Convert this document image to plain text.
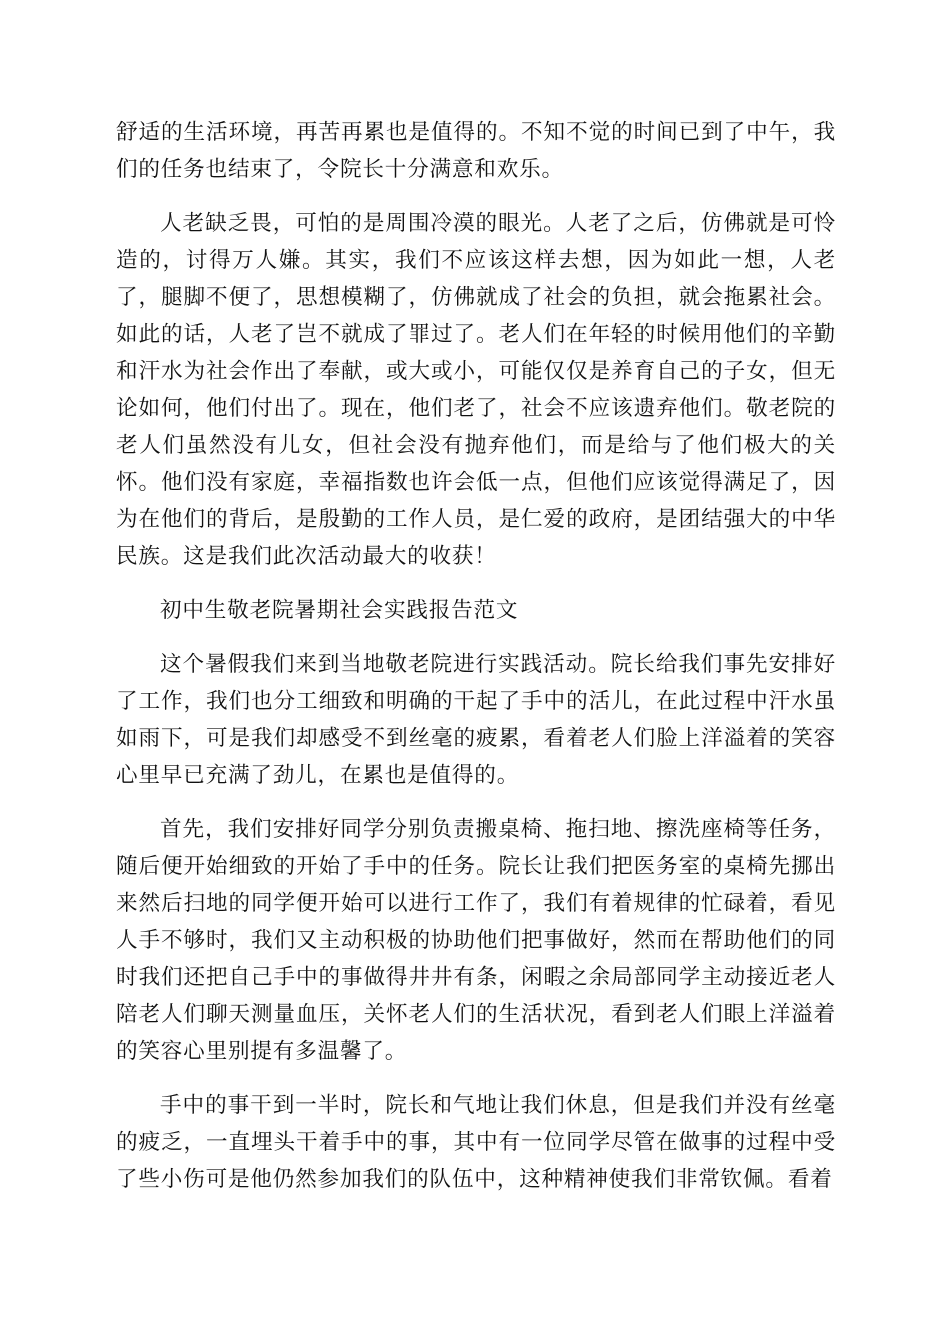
舒适的生活环境，再苦再累也是值得的。不知不觉的时间已到了中午，我们的任务也结束了，令院长十分满意和欢乐。

人老缺乏畏，可怕的是周围冷漠的眼光。人老了之后，仿佛就是可怜造的，讨得万人嫌。其实，我们不应该这样去想，因为如此一想，人老了，腿脚不便了，思想模糊了，仿佛就成了社会的负担，就会拖累社会。如此的话，人老了岂不就成了罪过了。老人们在年轻的时候用他们的辛勤和汗水为社会作出了奉献，或大或小，可能仅仅是养育自己的子女，但无论如何，他们付出了。现在，他们老了，社会不应该遗弃他们。敬老院的老人们虽然没有儿女，但社会没有抛弃他们，而是给与了他们极大的关怀。他们没有家庭，幸福指数也许会低一点，但他们应该觉得满足了，因为在他们的背后，是殷勤的工作人员，是仁爱的政府，是团结强大的中华民族。这是我们此次活动最大的收获！

初中生敬老院暑期社会实践报告范文

这个暑假我们来到当地敬老院进行实践活动。院长给我们事先安排好了工作，我们也分工细致和明确的干起了手中的活儿，在此过程中汗水虽如雨下，可是我们却感受不到丝毫的疲累，看着老人们脸上洋溢着的笑容心里早已充满了劲儿，在累也是值得的。

首先，我们安排好同学分别负责搬桌椅、拖扫地、擦洗座椅等任务，随后便开始细致的开始了手中的任务。院长让我们把医务室的桌椅先挪出来然后扫地的同学便开始可以进行工作了，我们有着规律的忙碌着，看见人手不够时，我们又主动积极的协助他们把事做好，然而在帮助他们的同时我们还把自己手中的事做得井井有条，闲暇之余局部同学主动接近老人陪老人们聊天测量血压，关怀老人们的生活状况，看到老人们眼上洋溢着的笑容心里别提有多温馨了。

手中的事干到一半时，院长和气地让我们休息，但是我们并没有丝毫的疲乏，一直埋头干着手中的事，其中有一位同学尽管在做事的过程中受了些小伤可是他仍然参加我们的队伍中，这种精神使我们非常钦佩。看着
